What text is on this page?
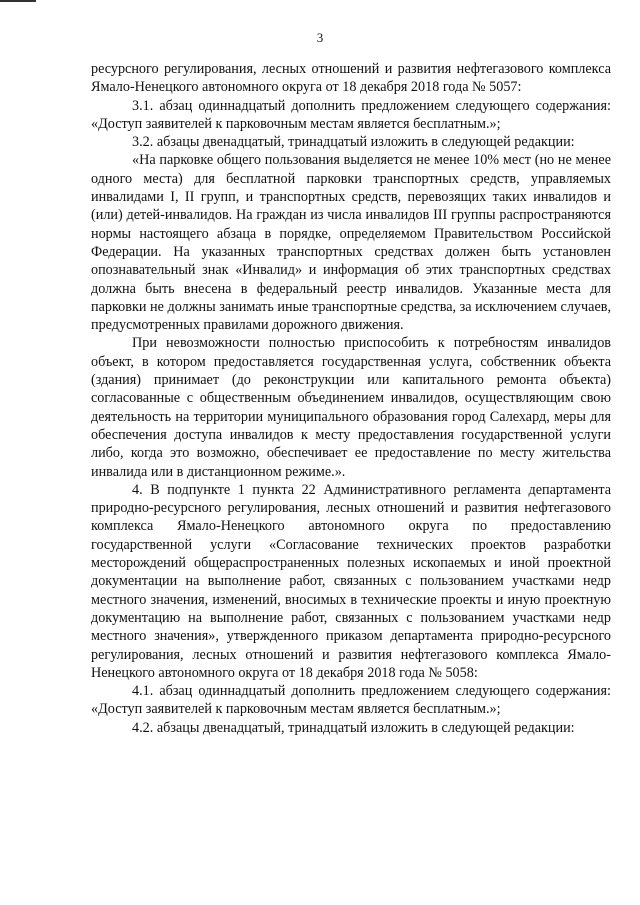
3

ресурсного регулирования, лесных отношений и развития нефтегазового комплекса Ямало-Ненецкого автономного округа от 18 декабря 2018 года № 5057:

3.1. абзац одиннадцатый дополнить предложением следующего содержания: «Доступ заявителей к парковочным местам является бесплатным.»;

3.2. абзацы двенадцатый, тринадцатый изложить в следующей редакции:

«На парковке общего пользования выделяется не менее 10% мест (но не менее одного места) для бесплатной парковки транспортных средств, управляемых инвалидами I, II групп, и транспортных средств, перевозящих таких инвалидов и (или) детей-инвалидов. На граждан из числа инвалидов III группы распространяются нормы настоящего абзаца в порядке, определяемом Правительством Российской Федерации. На указанных транспортных средствах должен быть установлен опознавательный знак «Инвалид» и информация об этих транспортных средствах должна быть внесена в федеральный реестр инвалидов. Указанные места для парковки не должны занимать иные транспортные средства, за исключением случаев, предусмотренных правилами дорожного движения.

При невозможности полностью приспособить к потребностям инвалидов объект, в котором предоставляется государственная услуга, собственник объекта (здания) принимает (до реконструкции или капитального ремонта объекта) согласованные с общественным объединением инвалидов, осуществляющим свою деятельность на территории муниципального образования город Салехард, меры для обеспечения доступа инвалидов к месту предоставления государственной услуги либо, когда это возможно, обеспечивает ее предоставление по месту жительства инвалида или в дистанционном режиме.».

4. В подпункте 1 пункта 22 Административного регламента департамента природно-ресурсного регулирования, лесных отношений и развития нефтегазового комплекса Ямало-Ненецкого автономного округа по предоставлению государственной услуги «Согласование технических проектов разработки месторождений общераспространенных полезных ископаемых и иной проектной документации на выполнение работ, связанных с пользованием участками недр местного значения, изменений, вносимых в технические проекты и иную проектную документацию на выполнение работ, связанных с пользованием участками недр местного значения», утвержденного приказом департамента природно-ресурсного регулирования, лесных отношений и развития нефтегазового комплекса Ямало-Ненецкого автономного округа от 18 декабря 2018 года № 5058:

4.1. абзац одиннадцатый дополнить предложением следующего содержания: «Доступ заявителей к парковочным местам является бесплатным.»;

4.2. абзацы двенадцатый, тринадцатый изложить в следующей редакции:
